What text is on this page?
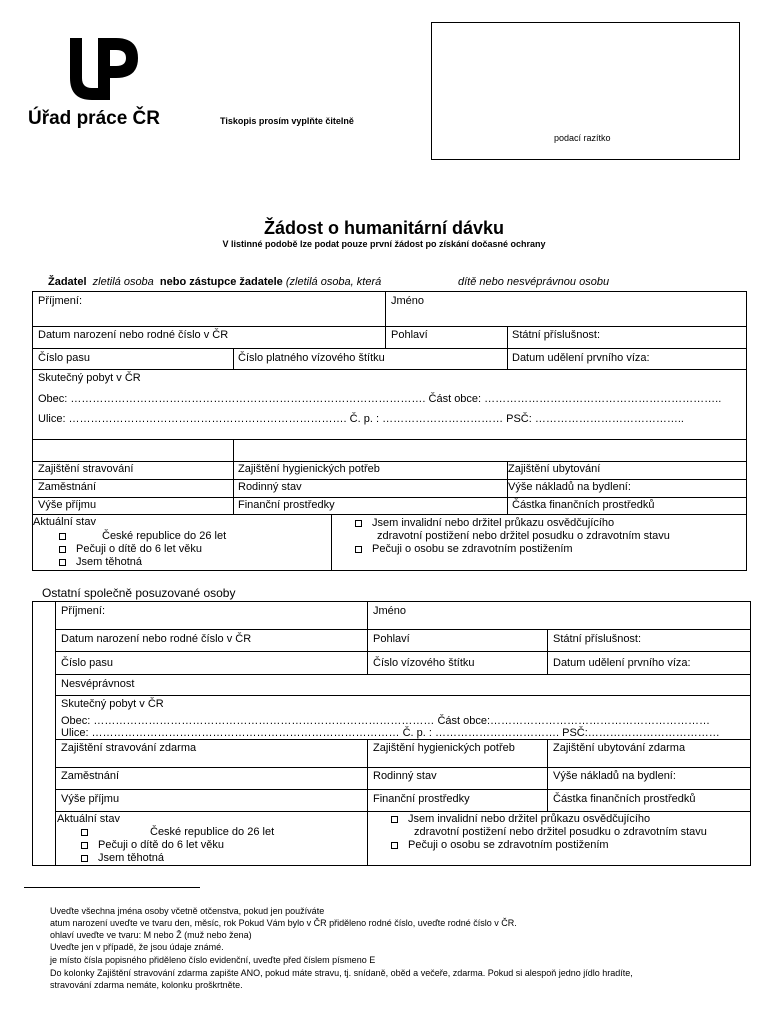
Úřad práce ČR	Tiskopis prosím vyplňte čitelně
podací razítko
Žádost o humanitární dávku
V listinné podobě lze podat pouze první žádost po získání dočasné ochrany
Žadatel zletilá osoba nebo zástupce žadatele (zletilá osoba, která	dítě nebo nesvéprávnou osobu
Příjmení:	Jméno
Datum narození nebo rodné číslo v ČR	Pohlaví	Státní příslušnost:
Číslo pasu	Číslo platného vízového štítku	Datum udělení prvního víza:
Skutečný pobyt v ČR
Obec: ……………………………………………………………………………………. Část obce: ………………………………………………………..
Ulice: …………………………………………………………………. Č. p. : …………………………… PSČ: …………………………………..
Zajištění stravování	Zajištění hygienických potřeb	Zajištění ubytování
Zaměstnání	Rodinný stav	Výše nákladů na bydlení:
Výše příjmu	Finanční prostředky	Částka finančních prostředků
Aktuální stav
České republice do 26 let
Pečuji o dítě do 6 let věku
Jsem těhotná
Jsem invalidní nebo držitel průkazu osvědčujícího
zdravotní postižení nebo držitel posudku o zdravotním stavu
Pečuji o osobu se zdravotním postižením
Ostatní společně posuzované osoby
Příjmení:	Jméno
Datum narození nebo rodné číslo v ČR	Pohlaví	Státní příslušnost:
Číslo pasu	Číslo vízového štítku	Datum udělení prvního víza:
Nesvéprávnost
Skutečný pobyt v ČR
Obec: ………………………………………………………………………………… Část obce:……………………………………………………
Ulice: ………………………………………………………………………… Č. p. : ……………………………. PSČ:………………………………
Zajištění stravování zdarma	Zajištění hygienických potřeb	Zajištění ubytování zdarma
Zaměstnání	Rodinný stav	Výše nákladů na bydlení:
Výše příjmu	Finanční prostředky	Částka finančních prostředků
Aktuální stav
České republice do 26 let
Pečuji o dítě do 6 let věku
Jsem těhotná
Jsem invalidní nebo držitel průkazu osvědčujícího
zdravotní postižení nebo držitel posudku o zdravotním stavu
Pečuji o osobu se zdravotním postižením
Uveďte všechna jména osoby včetně otčenstva, pokud jen používáte
atum narození uveďte ve tvaru den, měsíc, rok Pokud Vám bylo v ČR přiděleno rodné číslo, uveďte rodné číslo v ČR.
ohlaví uveďte ve tvaru: M nebo Ž (muž nebo žena)
Uveďte jen v případě, že jsou údaje známé.
je místo čísla popisného přiděleno číslo evidenční, uveďte před číslem písmeno E
Do kolonky Zajištění stravování zdarma zapište ANO, pokud máte stravu, tj. snídaně, oběd a večeře, zdarma. Pokud si alespoň jedno jídlo hradíte,
stravování zdarma nemáte, kolonku proškrtněte.
